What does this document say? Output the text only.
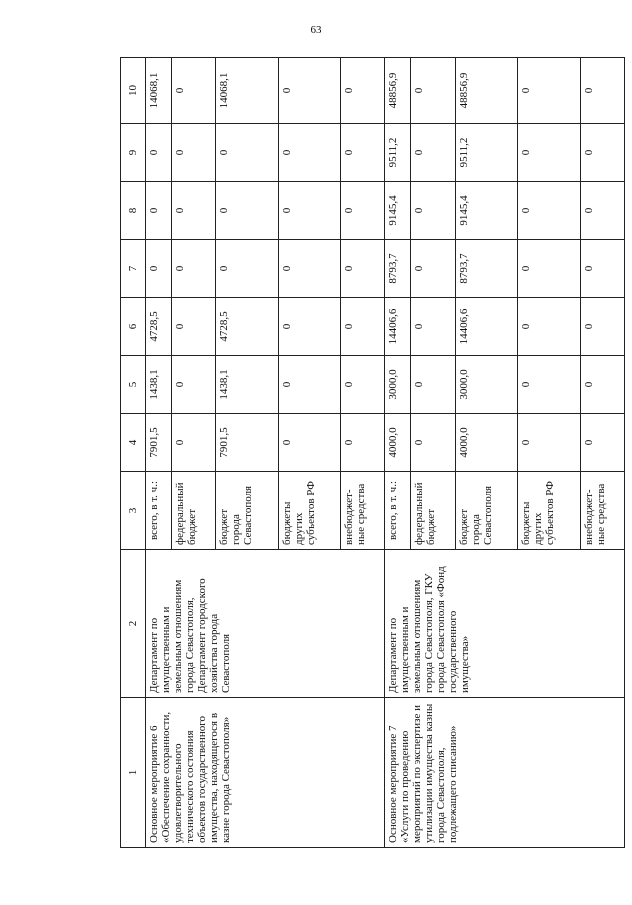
63
1	2	3	4	5	6	7	8	9	10
Основное мероприятие 6 «Обеспечение сохранности, удовлетворительного технического состояния объектов государственного имущества, находящегося в казне города Севастополя»	Департамент по имущественным и земельным отношениям города Севастополя, Департамент городского хозяйства города Севастополя	всего, в т. ч.:	7901,5	1438,1	4728,5	0	0	0	14068,1
		федеральный бюджет	0	0	0	0	0	0	0
		бюджет города Севастополя	7901,5	1438,1	4728,5	0	0	0	14068,1
		бюджеты других субъектов РФ	0	0	0	0	0	0	0
		внебюджет-ные средства	0	0	0	0	0	0	0
Основное мероприятие 7 «Услуги по проведению мероприятий по экспертизе и утилизации имущества казны города Севастополя, подлежащего списанию»	Департамент по имущественным и земельным отношениям города Севастополя, ГКУ города Севастополя «Фонд государственного имущества»	всего, в т. ч.:	4000,0	3000,0	14406,6	8793,7	9145,4	9511,2	48856,9
		федеральный бюджет	0	0	0	0	0	0	0
		бюджет города Севастополя	4000,0	3000,0	14406,6	8793,7	9145,4	9511,2	48856,9
		бюджеты других субъектов РФ	0	0	0	0	0	0	0
		внебюджет-ные средства	0	0	0	0	0	0	0
